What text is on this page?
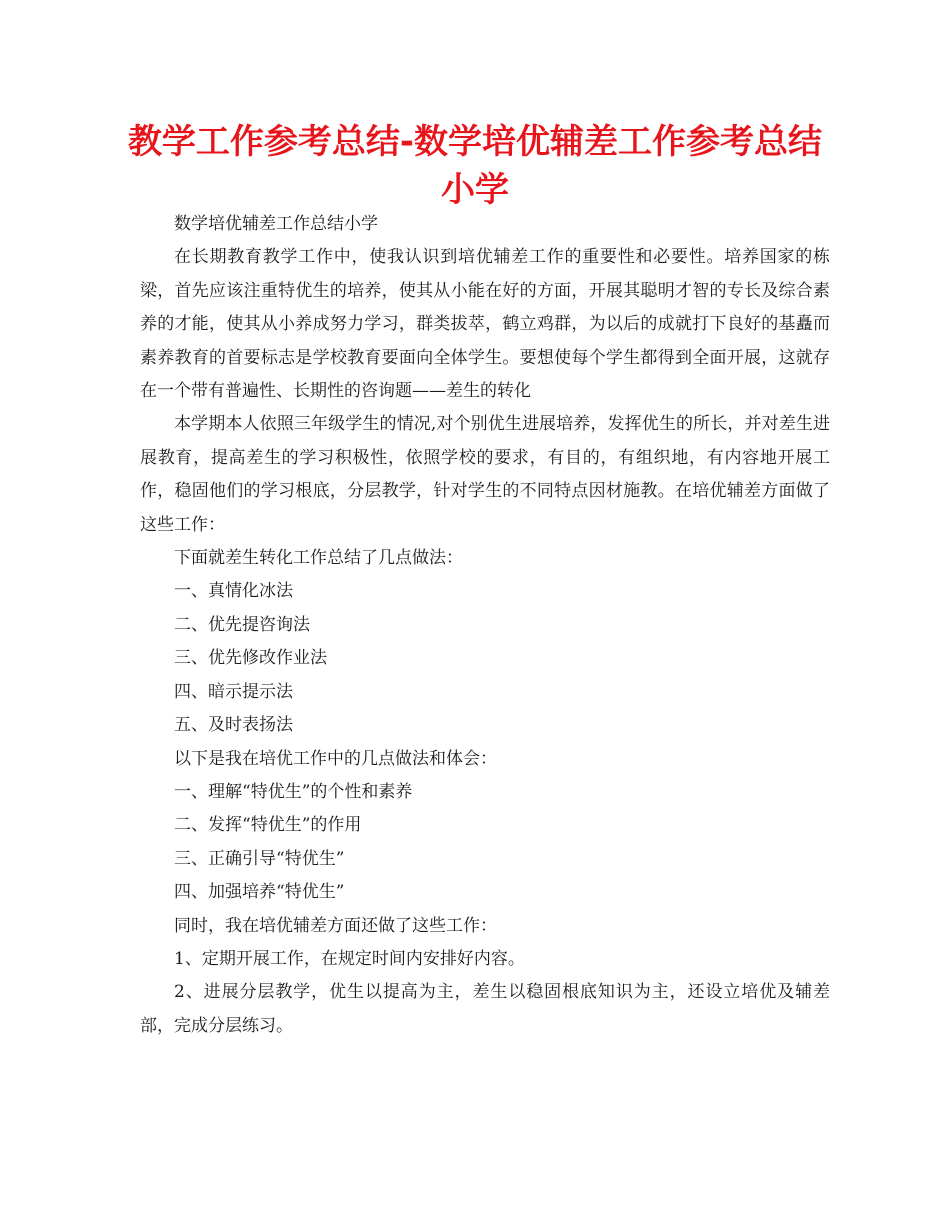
教学工作参考总结-数学培优辅差工作参考总结小学

数学培优辅差工作总结小学

在长期教育教学工作中，使我认识到培优辅差工作的重要性和必要性。培养国家的栋梁，首先应该注重特优生的培养，使其从小能在好的方面，开展其聪明才智的专长及综合素养的才能，使其从小养成努力学习，群类拔萃，鹤立鸡群，为以后的成就打下良好的基矗而素养教育的首要标志是学校教育要面向全体学生。要想使每个学生都得到全面开展，这就存在一个带有普遍性、长期性的咨询题——差生的转化

本学期本人依照三年级学生的情况,对个别优生进展培养，发挥优生的所长，并对差生进展教育，提高差生的学习积极性，依照学校的要求，有目的，有组织地，有内容地开展工作，稳固他们的学习根底，分层教学，针对学生的不同特点因材施教。在培优辅差方面做了这些工作：

下面就差生转化工作总结了几点做法：

一、真情化冰法

二、优先提咨询法

三、优先修改作业法

四、暗示提示法

五、及时表扬法

以下是我在培优工作中的几点做法和体会：

一、理解“特优生”的个性和素养

二、发挥“特优生”的作用

三、正确引导“特优生”

四、加强培养“特优生”

同时，我在培优辅差方面还做了这些工作：

1、定期开展工作，在规定时间内安排好内容。

2、进展分层教学，优生以提高为主，差生以稳固根底知识为主，还设立培优及辅差部，完成分层练习。
